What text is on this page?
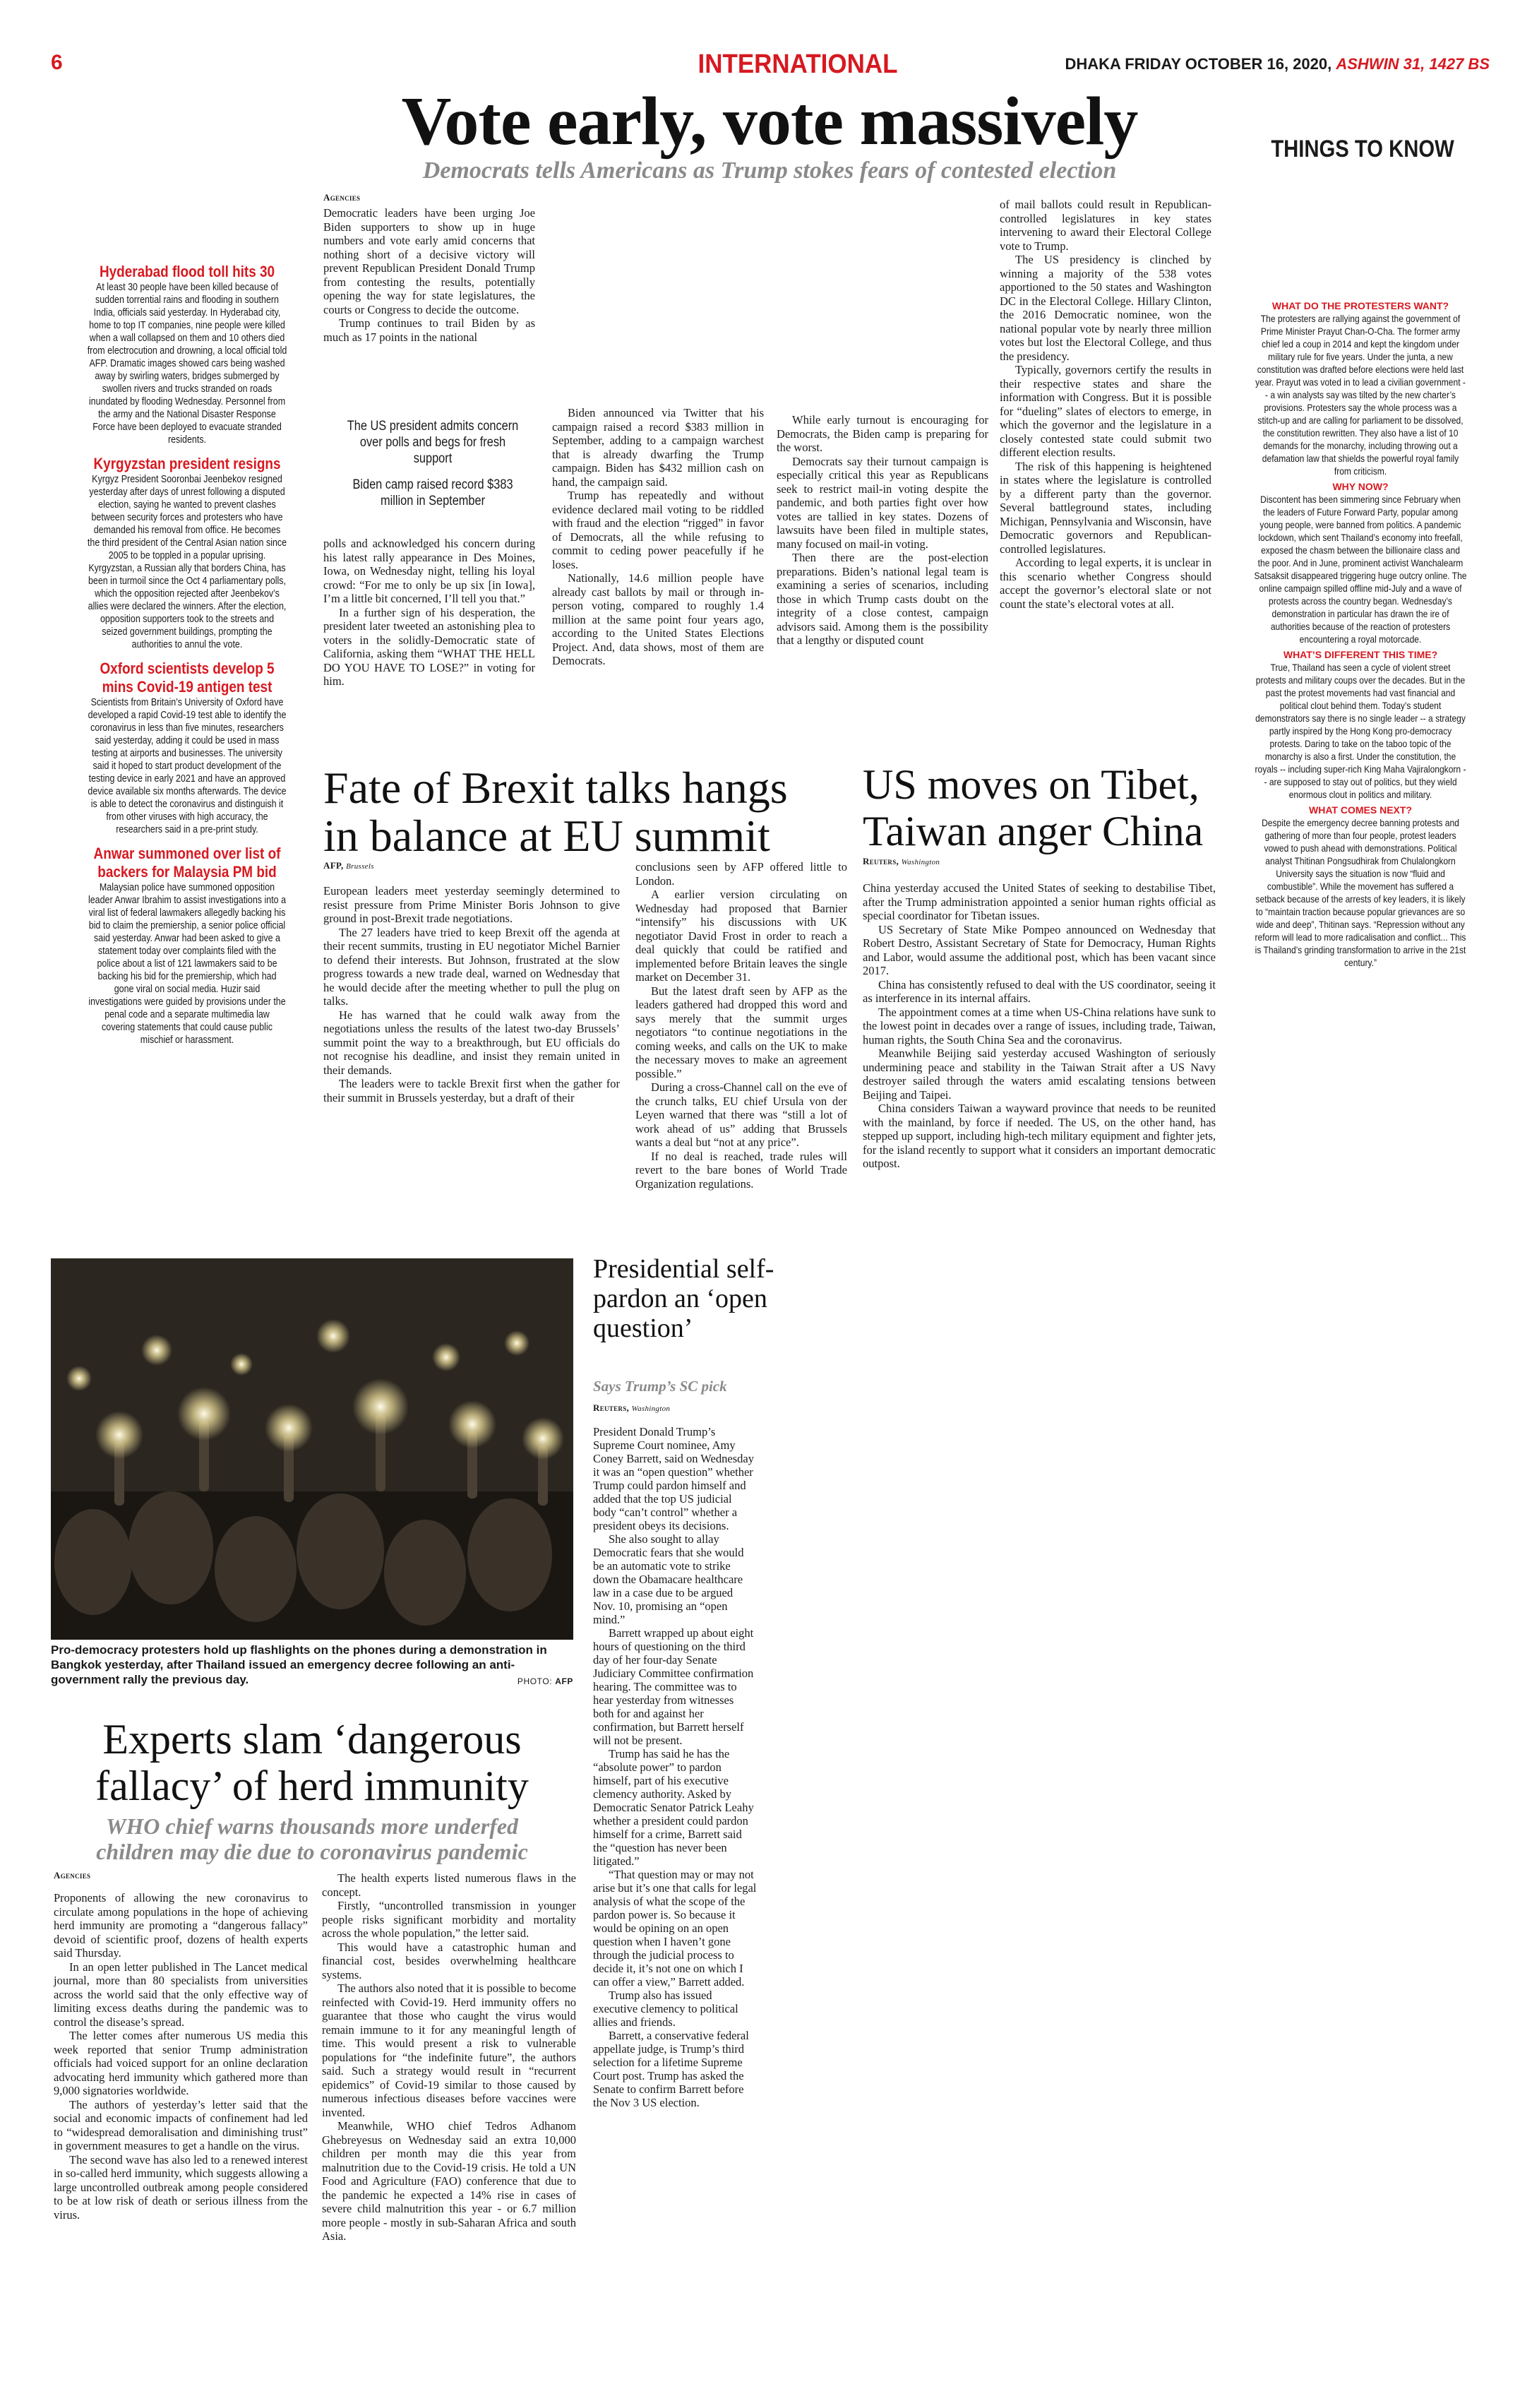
6	INTERNATIONAL	DHAKA FRIDAY OCTOBER 16, 2020, ASHWIN 31, 1427 BS
Vote early, vote massively
Democrats tells Americans as Trump stokes fears of contested election
Agencies

Democratic leaders have been urging Joe Biden supporters to show up in huge numbers and vote early amid concerns that nothing short of a decisive victory will prevent Republican President Donald Trump from contesting the results, potentially opening the way for state legislatures, the courts or Congress to decide the outcome.

Trump continues to trail Biden by as much as 17 points in the national

The US president admits concern over polls and begs for fresh support

Biden camp raised record $383 million in September

polls and acknowledged his concern during his latest rally appearance in Des Moines, Iowa, on Wednesday night, telling his loyal crowd: “For me to only be up six [in Iowa], I’m a little bit concerned, I’ll tell you that.”

In a further sign of his desperation, the president later tweeted an astonishing plea to voters in the solidly-Democratic state of California, asking them “WHAT THE HELL DO YOU HAVE TO LOSE?” in voting for him.

Biden announced via Twitter that his campaign raised a record $383 million in September, adding to a campaign warchest that is already dwarfing the Trump campaign. Biden has $432 million cash on hand, the campaign said.

Trump has repeatedly and without evidence declared mail voting to be riddled with fraud and the election “rigged” in favor of Democrats, all the while refusing to commit to ceding power peacefully if he loses.

Nationally, 14.6 million people have already cast ballots by mail or through in-person voting, compared to roughly 1.4 million at the same point four years ago, according to the United States Elections Project. And, data shows, most of them are Democrats.

While early turnout is encouraging for Democrats, the Biden camp is preparing for the worst.

Democrats say their turnout campaign is especially critical this year as Republicans seek to restrict mail-in voting despite the pandemic, and both parties fight over how votes are tallied in key states. Dozens of lawsuits have been filed in multiple states, many focused on mail-in voting.

Then there are the post-election preparations. Biden’s national legal team is examining a series of scenarios, including those in which Trump casts doubt on the integrity of a close contest, campaign advisors said. Among them is the possibility that a lengthy or disputed count

of mail ballots could result in Republican-controlled legislatures in key states intervening to award their Electoral College vote to Trump.

The US presidency is clinched by winning a majority of the 538 votes apportioned to the 50 states and Washington DC in the Electoral College. Hillary Clinton, the 2016 Democratic nominee, won the national popular vote by nearly three million votes but lost the Electoral College, and thus the presidency.

Typically, governors certify the results in their respective states and share the information with Congress. But it is possible for “dueling” slates of electors to emerge, in which the governor and the legislature in a closely contested state could submit two different election results.

The risk of this happening is heightened in states where the legislature is controlled by a different party than the governor. Several battleground states, including Michigan, Pennsylvania and Wisconsin, have Democratic governors and Republican-controlled legislatures.

According to legal experts, it is unclear in this scenario whether Congress should accept the governor’s electoral slate or not count the state’s electoral votes at all.

Hyderabad flood toll hits 30

At least 30 people have been killed because of sudden torrential rains and flooding in southern India, officials said yesterday. In Hyderabad city, home to top IT companies, nine people were killed when a wall collapsed on them and 10 others died from electrocution and drowning, a local official told AFP. Dramatic images showed cars being washed away by swirling waters, bridges submerged by swollen rivers and trucks stranded on roads inundated by flooding Wednesday. Personnel from the army and the National Disaster Response Force have been deployed to evacuate stranded residents.

Kyrgyzstan president resigns

Kyrgyz President Sooronbai Jeenbekov resigned yesterday after days of unrest following a disputed election, saying he wanted to prevent clashes between security forces and protesters who have demanded his removal from office. He becomes the third president of the Central Asian nation since 2005 to be toppled in a popular uprising. Kyrgyzstan, a Russian ally that borders China, has been in turmoil since the Oct 4 parliamentary polls, which the opposition rejected after Jeenbekov’s allies were declared the winners. After the election, opposition supporters took to the streets and seized government buildings, prompting the authorities to annul the vote.

Oxford scientists develop 5 mins Covid-19 antigen test

Scientists from Britain’s University of Oxford have developed a rapid Covid-19 test able to identify the coronavirus in less than five minutes, researchers said yesterday, adding it could be used in mass testing at airports and businesses. The university said it hoped to start product development of the testing device in early 2021 and have an approved device available six months afterwards. The device is able to detect the coronavirus and distinguish it from other viruses with high accuracy, the researchers said in a pre-print study.

Anwar summoned over list of backers for Malaysia PM bid

Malaysian police have summoned opposition leader Anwar Ibrahim to assist investigations into a viral list of federal lawmakers allegedly backing his bid to claim the premiership, a senior police official said yesterday. Anwar had been asked to give a statement today over complaints filed with the police about a list of 121 lawmakers said to be backing his bid for the premiership, which had gone viral on social media. Huzir said investigations were guided by provisions under the penal code and a separate multimedia law covering statements that could cause public mischief or harassment.

THINGS TO KNOW
WHAT DO THE PROTESTERS WANT?

The protesters are rallying against the government of Prime Minister Prayut Chan-O-Cha. The former army chief led a coup in 2014 and kept the kingdom under military rule for five years. Under the junta, a new constitution was drafted before elections were held last year. Prayut was voted in to lead a civilian government -- a win analysts say was tilted by the new charter’s provisions. Protesters say the whole process was a stitch-up and are calling for parliament to be dissolved, the constitution rewritten. They also have a list of 10 demands for the monarchy, including throwing out a defamation law that shields the powerful royal family from criticism.

WHY NOW?

Discontent has been simmering since February when the leaders of Future Forward Party, popular among young people, were banned from politics. A pandemic lockdown, which sent Thailand’s economy into freefall, exposed the chasm between the billionaire class and the poor. And in June, prominent activist Wanchalearm Satsaksit disappeared triggering huge outcry online. The online campaign spilled offline mid-July and a wave of protests across the country began. Wednesday’s demonstration in particular has drawn the ire of authorities because of the reaction of protesters encountering a royal motorcade.

WHAT’S DIFFERENT THIS TIME?

True, Thailand has seen a cycle of violent street protests and military coups over the decades. But in the past the protest movements had vast financial and political clout behind them. Today’s student demonstrators say there is no single leader -- a strategy partly inspired by the Hong Kong pro-democracy protests. Daring to take on the taboo topic of the monarchy is also a first. Under the constitution, the royals -- including super-rich King Maha Vajiralongkorn -- are supposed to stay out of politics, but they wield enormous clout in politics and military.

WHAT COMES NEXT?

Despite the emergency decree banning protests and gathering of more than four people, protest leaders vowed to push ahead with demonstrations. Political analyst Thitinan Pongsudhirak from Chulalongkorn University says the situation is now “fluid and combustible”. While the movement has suffered a setback because of the arrests of key leaders, it is likely to “maintain traction because popular grievances are so wide and deep”, Thitinan says. “Repression without any reform will lead to more radicalisation and conflict... This is Thailand’s grinding transformation to arrive in the 21st century.”

Fate of Brexit talks hangs
in balance at EU summit
AFP, Brussels

European leaders meet yesterday seemingly determined to resist pressure from Prime Minister Boris Johnson to give ground in post-Brexit trade negotiations.

The 27 leaders have tried to keep Brexit off the agenda at their recent summits, trusting in EU negotiator Michel Barnier to defend their interests. But Johnson, frustrated at the slow progress towards a new trade deal, warned on Wednesday that he would decide after the meeting whether to pull the plug on talks.

He has warned that he could walk away from the negotiations unless the results of the latest two-day Brussels’ summit point the way to a breakthrough, but EU officials do not recognise his deadline, and insist they remain united in their demands.

The leaders were to tackle Brexit first when the gather for their summit in Brussels yesterday, but a draft of their

conclusions seen by AFP offered little to London.

A earlier version circulating on Wednesday had proposed that Barnier “intensify” his discussions with UK negotiator David Frost in order to reach a deal quickly that could be ratified and implemented before Britain leaves the single market on December 31.

But the latest draft seen by AFP as the leaders gathered had dropped this word and says merely that the summit urges negotiators “to continue negotiations in the coming weeks, and calls on the UK to make the necessary moves to make an agreement possible.”

During a cross-Channel call on the eve of the crunch talks, EU chief Ursula von der Leyen warned that there was “still a lot of work ahead of us” adding that Brussels wants a deal but “not at any price”.

If no deal is reached, trade rules will revert to the bare bones of World Trade Organization regulations.

US moves on Tibet,
Taiwan anger China
Reuters, Washington

China yesterday accused the United States of seeking to destabilise Tibet, after the Trump administration appointed a senior human rights official as special coordinator for Tibetan issues.

US Secretary of State Mike Pompeo announced on Wednesday that Robert Destro, Assistant Secretary of State for Democracy, Human Rights and Labor, would assume the additional post, which has been vacant since 2017.

China has consistently refused to deal with the US coordinator, seeing it as interference in its internal affairs.

The appointment comes at a time when US-China relations have sunk to the lowest point in decades over a range of issues, including trade, Taiwan, human rights, the South China Sea and the coronavirus.

Meanwhile Beijing said yesterday accused Washington of seriously undermining peace and stability in the Taiwan Strait after a US Navy destroyer sailed through the waters amid escalating tensions between Beijing and Taipei.

China considers Taiwan a wayward province that needs to be reunited with the mainland, by force if needed. The US, on the other hand, has stepped up support, including high-tech military equipment and fighter jets, for the island recently to support what it considers an important democratic outpost.

Pro-democracy protesters hold up flashlights on the phones during a demonstration in Bangkok yesterday, after Thailand issued an emergency decree following an anti-government rally the previous day.	PHOTO: AFP
Presidential self-pardon an ‘open question’
Says Trump’s SC pick
Reuters, Washington

President Donald Trump’s Supreme Court nominee, Amy Coney Barrett, said on Wednesday it was an “open question” whether Trump could pardon himself and added that the top US judicial body “can’t control” whether a president obeys its decisions.

She also sought to allay Democratic fears that she would be an automatic vote to strike down the Obamacare healthcare law in a case due to be argued Nov. 10, promising an “open mind.”

Barrett wrapped up about eight hours of questioning on the third day of her four-day Senate Judiciary Committee confirmation hearing. The committee was to hear yesterday from witnesses both for and against her confirmation, but Barrett herself will not be present.

Trump has said he has the “absolute power” to pardon himself, part of his executive clemency authority. Asked by Democratic Senator Patrick Leahy whether a president could pardon himself for a crime, Barrett said the “question has never been litigated.”

“That question may or may not arise but it’s one that calls for legal analysis of what the scope of the pardon power is. So because it would be opining on an open question when I haven’t gone through the judicial process to decide it, it’s not one on which I can offer a view,” Barrett added.

Trump also has issued executive clemency to political allies and friends.

Barrett, a conservative federal appellate judge, is Trump’s third selection for a lifetime Supreme Court post. Trump has asked the Senate to confirm Barrett before the Nov 3 US election.

Experts slam ‘dangerous
fallacy’ of herd immunity
WHO chief warns thousands more underfed
children may die due to coronavirus pandemic
Agencies

Proponents of allowing the new coronavirus to circulate among populations in the hope of achieving herd immunity are promoting a “dangerous fallacy” devoid of scientific proof, dozens of health experts said Thursday.

In an open letter published in The Lancet medical journal, more than 80 specialists from universities across the world said that the only effective way of limiting excess deaths during the pandemic was to control the disease’s spread.

The letter comes after numerous US media this week reported that senior Trump administration officials had voiced support for an online declaration advocating herd immunity which gathered more than 9,000 signatories worldwide.

The authors of yesterday’s letter said that the social and economic impacts of confinement had led to “widespread demoralisation and diminishing trust” in government measures to get a handle on the virus.

The second wave has also led to a renewed interest in so-called herd immunity, which suggests allowing a large uncontrolled outbreak among people considered to be at low risk of death or serious illness from the virus.

The health experts listed numerous flaws in the concept.

Firstly, “uncontrolled transmission in younger people risks significant morbidity and mortality across the whole population,” the letter said.

This would have a catastrophic human and financial cost, besides overwhelming healthcare systems.

The authors also noted that it is possible to become reinfected with Covid-19. Herd immunity offers no guarantee that those who caught the virus would remain immune to it for any meaningful length of time. This would present a risk to vulnerable populations for “the indefinite future”, the authors said. Such a strategy would result in “recurrent epidemics” of Covid-19 similar to those caused by numerous infectious diseases before vaccines were invented.

Meanwhile, WHO chief Tedros Adhanom Ghebreyesus on Wednesday said an extra 10,000 children per month may die this year from malnutrition due to the Covid-19 crisis. He told a UN Food and Agriculture (FAO) conference that due to the pandemic he expected a 14% rise in cases of severe child malnutrition this year - or 6.7 million more people - mostly in sub-Saharan Africa and south Asia.
